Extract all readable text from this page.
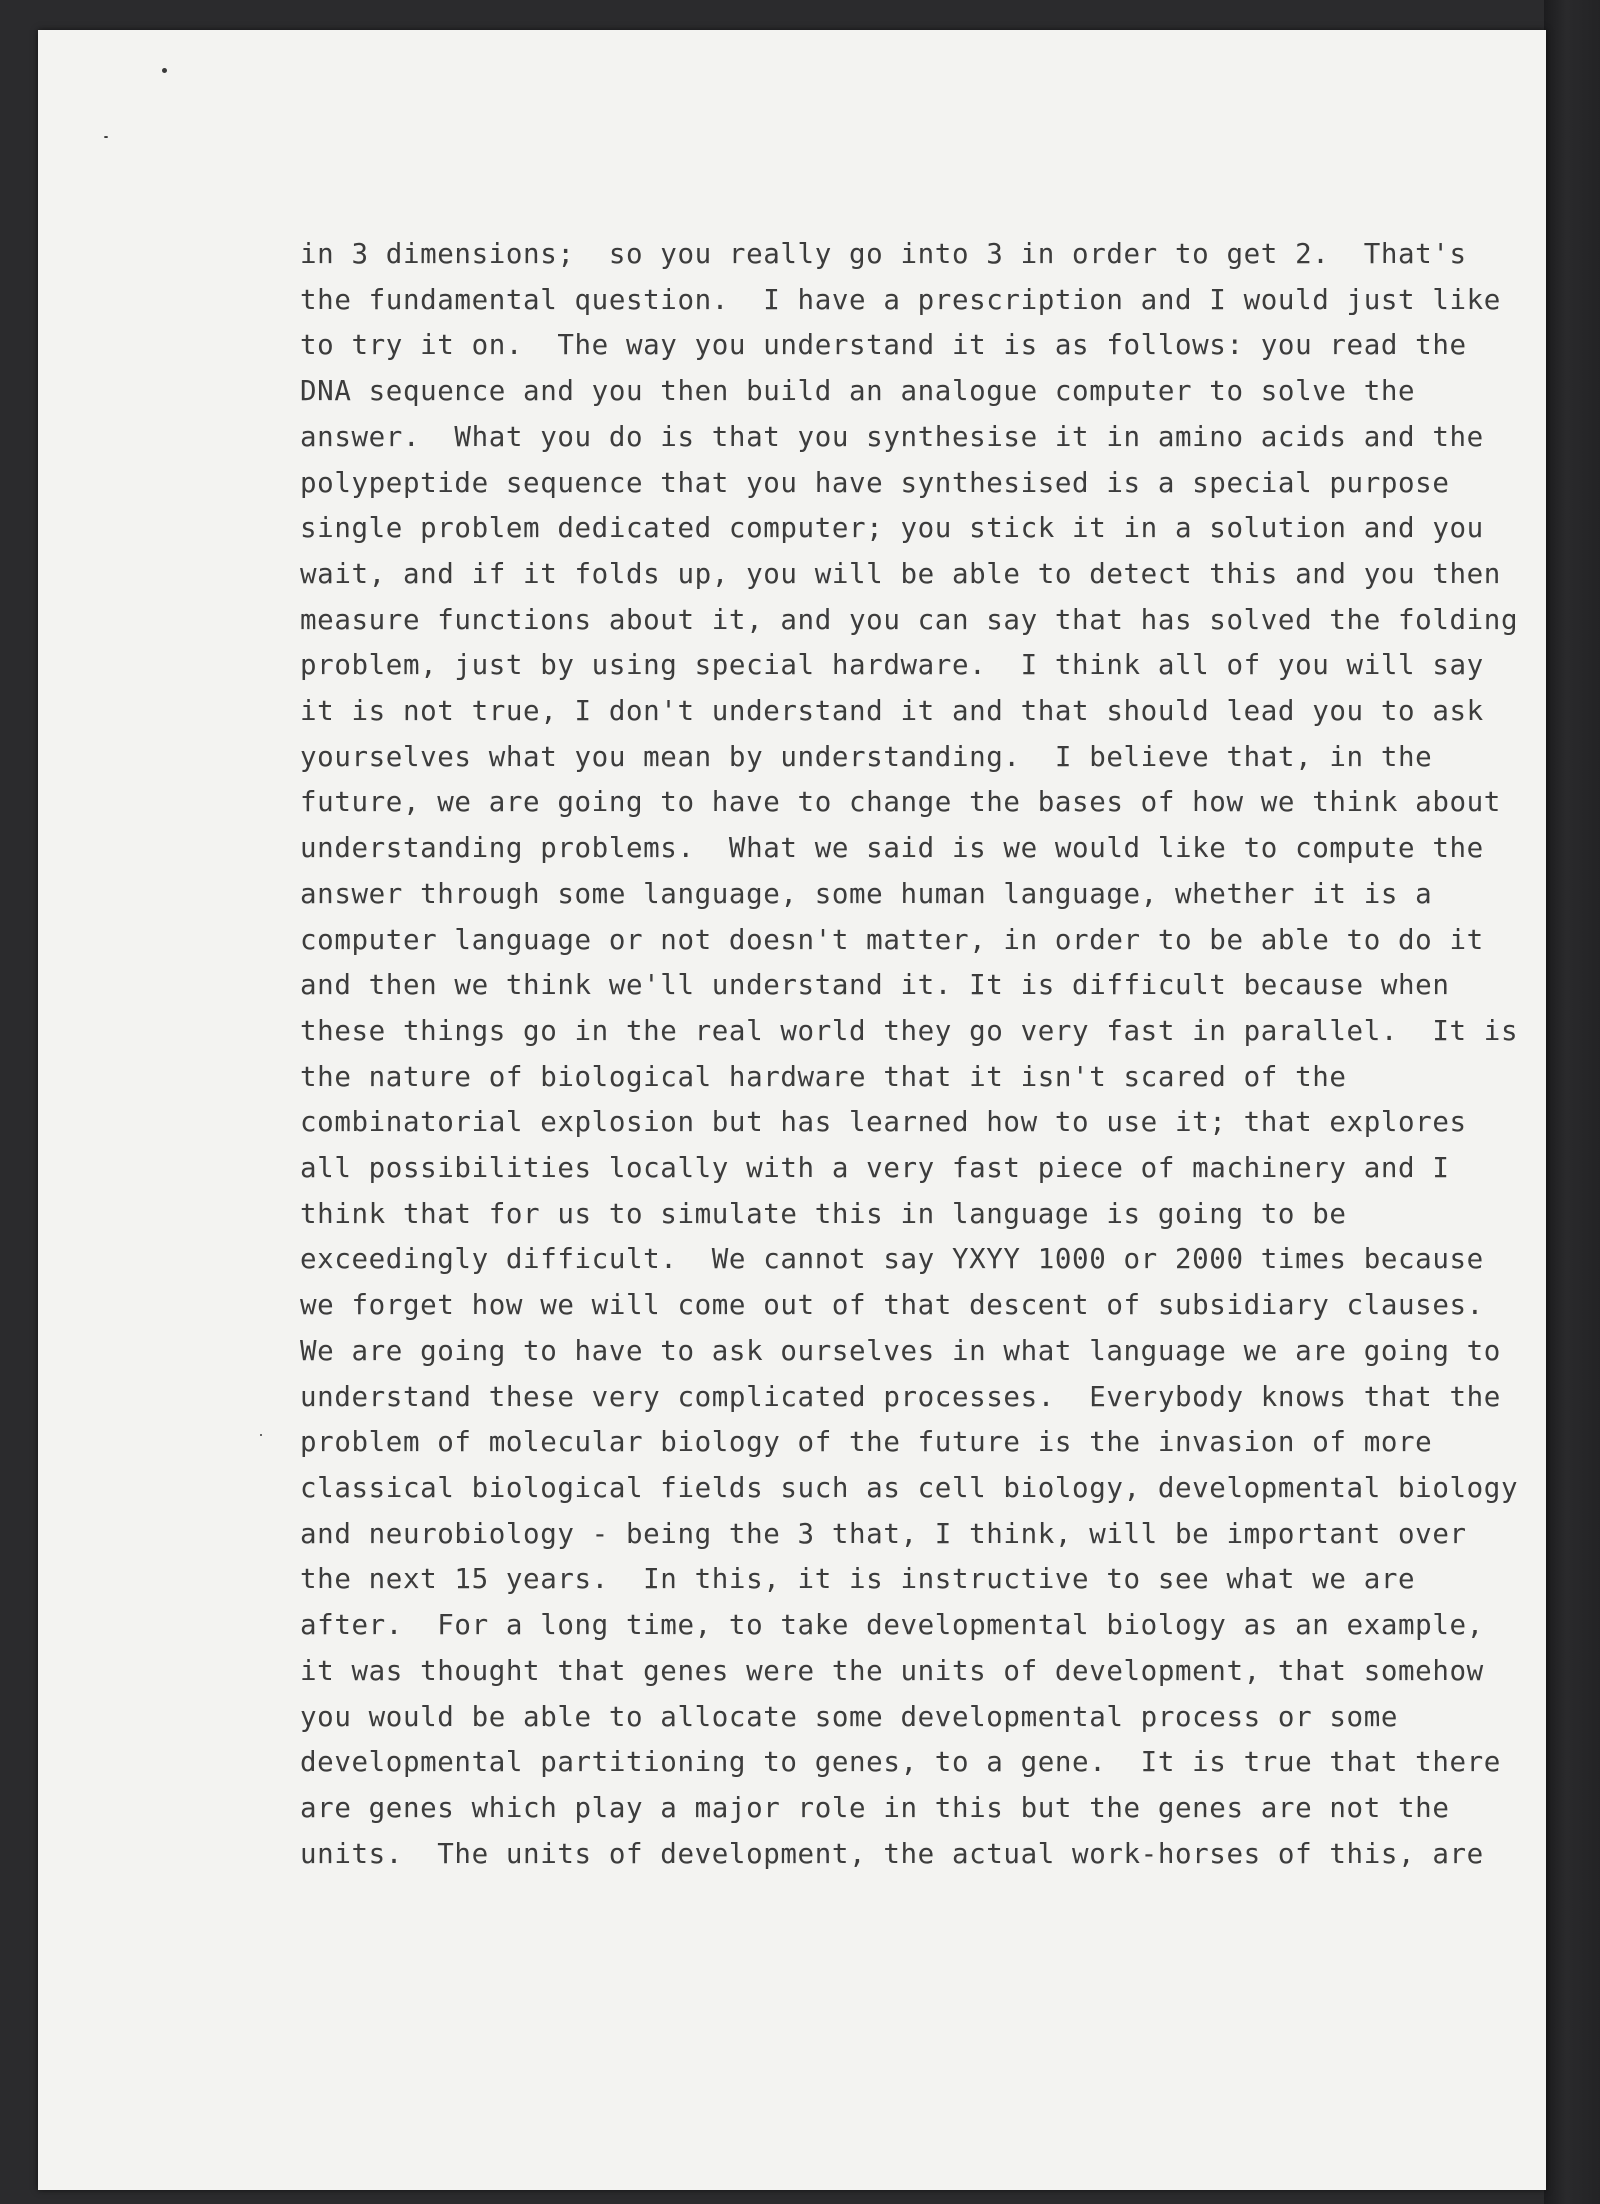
in 3 dimensions;  so you really go into 3 in order to get 2.  That's
the fundamental question.  I have a prescription and I would just like
to try it on.  The way you understand it is as follows: you read the
DNA sequence and you then build an analogue computer to solve the
answer.  What you do is that you synthesise it in amino acids and the
polypeptide sequence that you have synthesised is a special purpose
single problem dedicated computer; you stick it in a solution and you
wait, and if it folds up, you will be able to detect this and you then
measure functions about it, and you can say that has solved the folding
problem, just by using special hardware.  I think all of you will say
it is not true, I don't understand it and that should lead you to ask
yourselves what you mean by understanding.  I believe that, in the
future, we are going to have to change the bases of how we think about
understanding problems.  What we said is we would like to compute the
answer through some language, some human language, whether it is a
computer language or not doesn't matter, in order to be able to do it
and then we think we'll understand it. It is difficult because when
these things go in the real world they go very fast in parallel.  It is
the nature of biological hardware that it isn't scared of the
combinatorial explosion but has learned how to use it; that explores
all possibilities locally with a very fast piece of machinery and I
think that for us to simulate this in language is going to be
exceedingly difficult.  We cannot say YXYY 1000 or 2000 times because
we forget how we will come out of that descent of subsidiary clauses.
We are going to have to ask ourselves in what language we are going to
understand these very complicated processes.  Everybody knows that the
problem of molecular biology of the future is the invasion of more
classical biological fields such as cell biology, developmental biology
and neurobiology - being the 3 that, I think, will be important over
the next 15 years.  In this, it is instructive to see what we are
after.  For a long time, to take developmental biology as an example,
it was thought that genes were the units of development, that somehow
you would be able to allocate some developmental process or some
developmental partitioning to genes, to a gene.  It is true that there
are genes which play a major role in this but the genes are not the
units.  The units of development, the actual work-horses of this, are
